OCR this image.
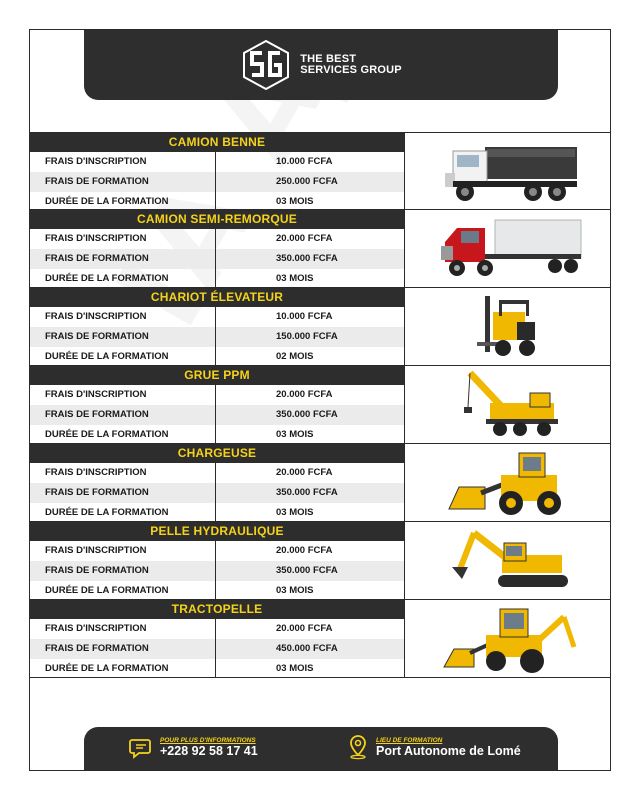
THE BEST
SERVICES GROUP
CAMION BENNE
FRAIS D'INSCRIPTION	10.000 FCFA
FRAIS DE FORMATION	250.000 FCFA
DURÉE DE LA FORMATION	03 MOIS
CAMION SEMI-REMORQUE
FRAIS D'INSCRIPTION	20.000 FCFA
FRAIS DE FORMATION	350.000 FCFA
DURÉE DE LA FORMATION	03 MOIS
CHARIOT ÉLEVATEUR
FRAIS D'INSCRIPTION	10.000 FCFA
FRAIS DE FORMATION	150.000 FCFA
DURÉE DE LA FORMATION	02 MOIS
GRUE PPM
FRAIS D'INSCRIPTION	20.000 FCFA
FRAIS DE FORMATION	350.000 FCFA
DURÉE DE LA FORMATION	03 MOIS
CHARGEUSE
FRAIS D'INSCRIPTION	20.000 FCFA
FRAIS DE FORMATION	350.000 FCFA
DURÉE DE LA FORMATION	03 MOIS
PELLE HYDRAULIQUE
FRAIS D'INSCRIPTION	20.000 FCFA
FRAIS DE FORMATION	350.000 FCFA
DURÉE DE LA FORMATION	03 MOIS
TRACTOPELLE
FRAIS D'INSCRIPTION	20.000 FCFA
FRAIS DE FORMATION	450.000 FCFA
DURÉE DE LA FORMATION	03 MOIS
POUR PLUS D'INFORMATIONS
+228 92 58 17 41
LIEU DE FORMATION
Port Autonome de Lomé
